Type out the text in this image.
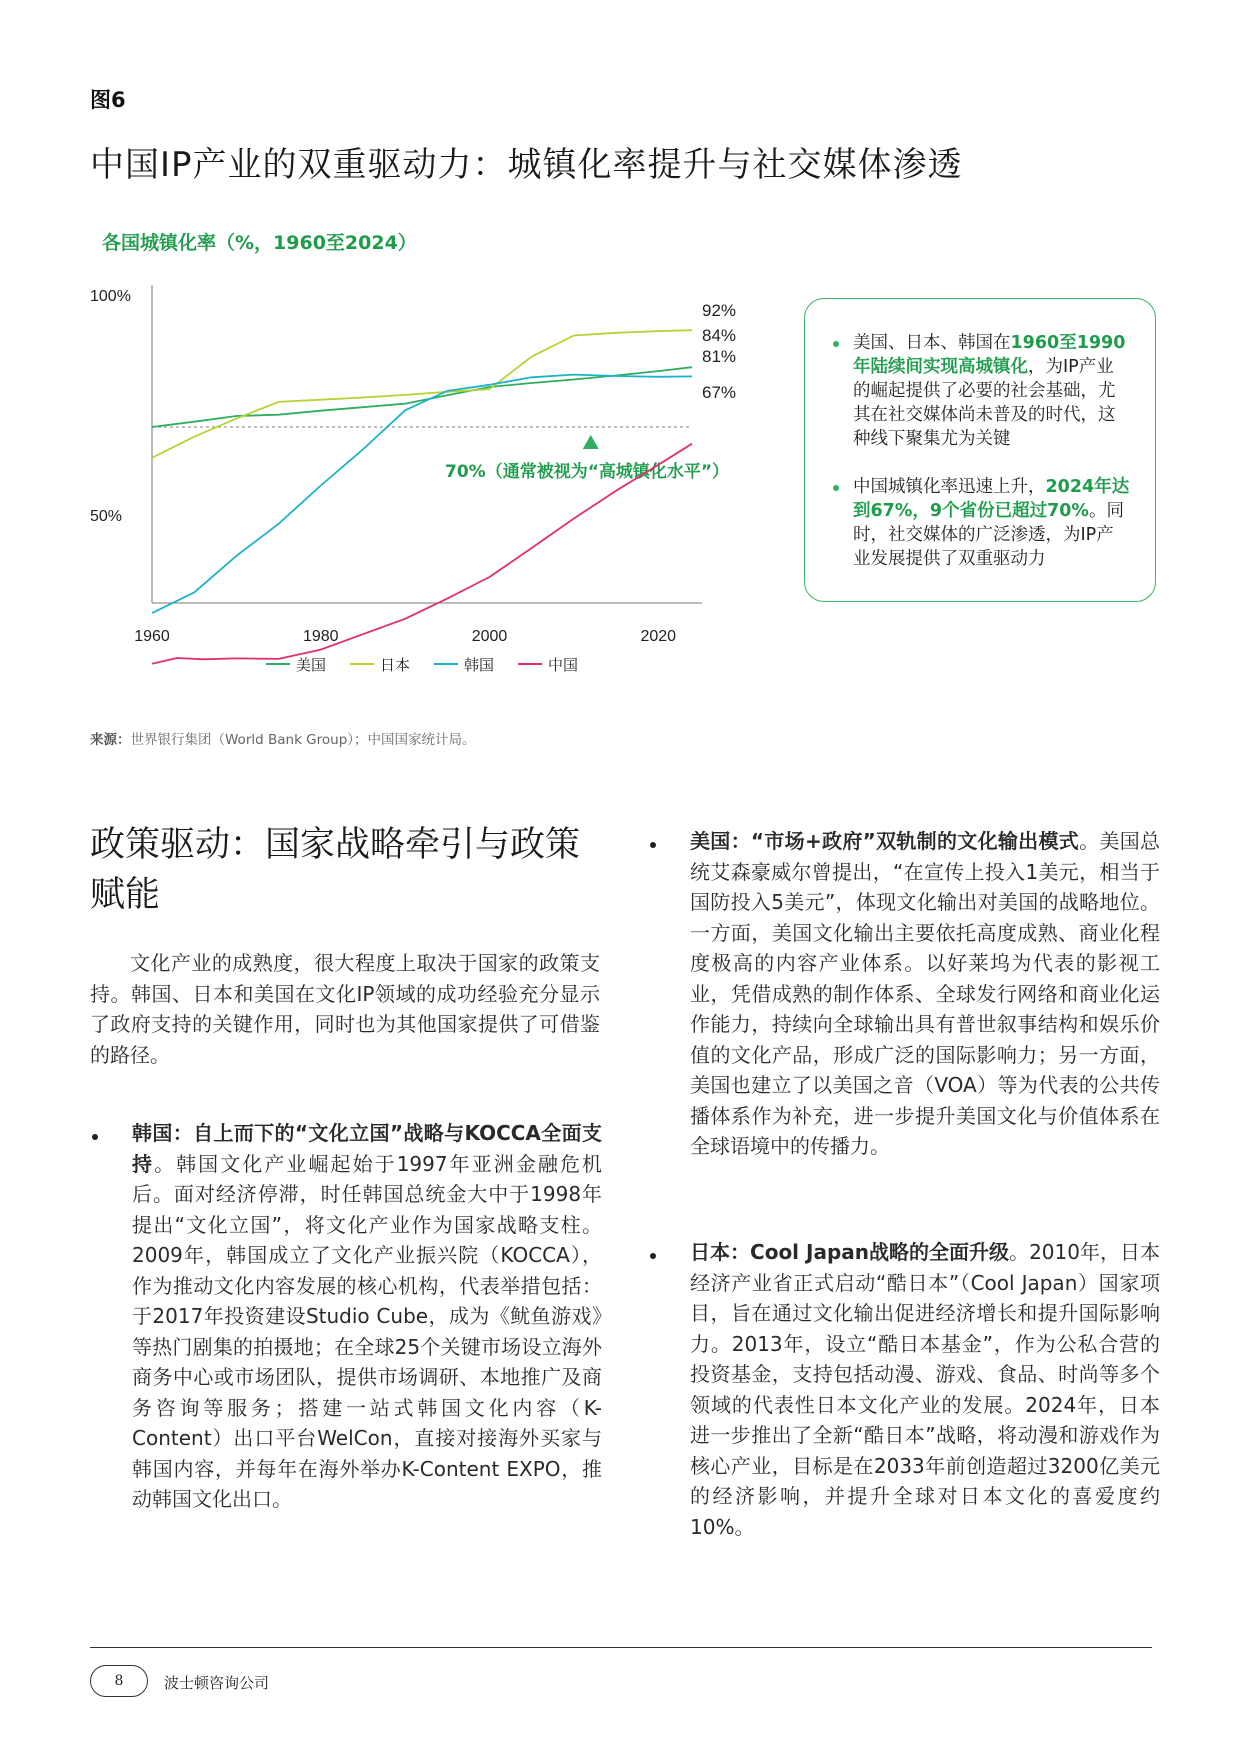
图6
中国IP产业的双重驱动力：城镇化率提升与社交媒体渗透
各国城镇化率（%，1960至2024）
100%
50%
1960	1980	2000	2020
70%（通常被视为“高城镇化水平”）
92%
84%
81%
67%
美国	日本	韩国	中国
美国、日本、韩国在1960至1990年陆续间实现高城镇化，为IP产业的崛起提供了必要的社会基础，尤其在社交媒体尚未普及的时代，这种线下聚集尤为关键
中国城镇化率迅速上升，2024年达到67%，9个省份已超过70%。同时，社交媒体的广泛渗透，为IP产业发展提供了双重驱动力
来源：世界银行集团（World Bank Group）；中国国家统计局。
政策驱动：国家战略牵引与政策赋能

文化产业的成熟度，很大程度上取决于国家的政策支持。韩国、日本和美国在文化IP领域的成功经验充分显示了政府支持的关键作用，同时也为其他国家提供了可借鉴的路径。

韩国：自上而下的“文化立国”战略与KOCCA全面支持。韩国文化产业崛起始于1997年亚洲金融危机后。面对经济停滞，时任韩国总统金大中于1998年提出“文化立国”，将文化产业作为国家战略支柱。2009年，韩国成立了文化产业振兴院（KOCCA），作为推动文化内容发展的核心机构，代表举措包括：于2017年投资建设Studio Cube，成为《鱿鱼游戏》等热门剧集的拍摄地；在全球25个关键市场设立海外商务中心或市场团队，提供市场调研、本地推广及商务咨询等服务；搭建一站式韩国文化内容（K-Content）出口平台WelCon，直接对接海外买家与韩国内容，并每年在海外举办K-Content EXPO，推动韩国文化出口。
美国：“市场+政府”双轨制的文化输出模式。美国总统艾森豪威尔曾提出，“在宣传上投入1美元，相当于国防投入5美元”，体现文化输出对美国的战略地位。一方面，美国文化输出主要依托高度成熟、商业化程度极高的内容产业体系。以好莱坞为代表的影视工业，凭借成熟的制作体系、全球发行网络和商业化运作能力，持续向全球输出具有普世叙事结构和娱乐价值的文化产品，形成广泛的国际影响力；另一方面，美国也建立了以美国之音（VOA）等为代表的公共传播体系作为补充，进一步提升美国文化与价值体系在全球语境中的传播力。
日本：Cool Japan战略的全面升级。2010年，日本经济产业省正式启动“酷日本”（Cool Japan）国家项目，旨在通过文化输出促进经济增长和提升国际影响力。2013年，设立“酷日本基金”，作为公私合营的投资基金，支持包括动漫、游戏、食品、时尚等多个领域的代表性日本文化产业的发展。2024年，日本进一步推出了全新“酷日本”战略，将动漫和游戏作为核心产业，目标是在2033年前创造超过3200亿美元的经济影响，并提升全球对日本文化的喜爱度约10%。
8	波士顿咨询公司
